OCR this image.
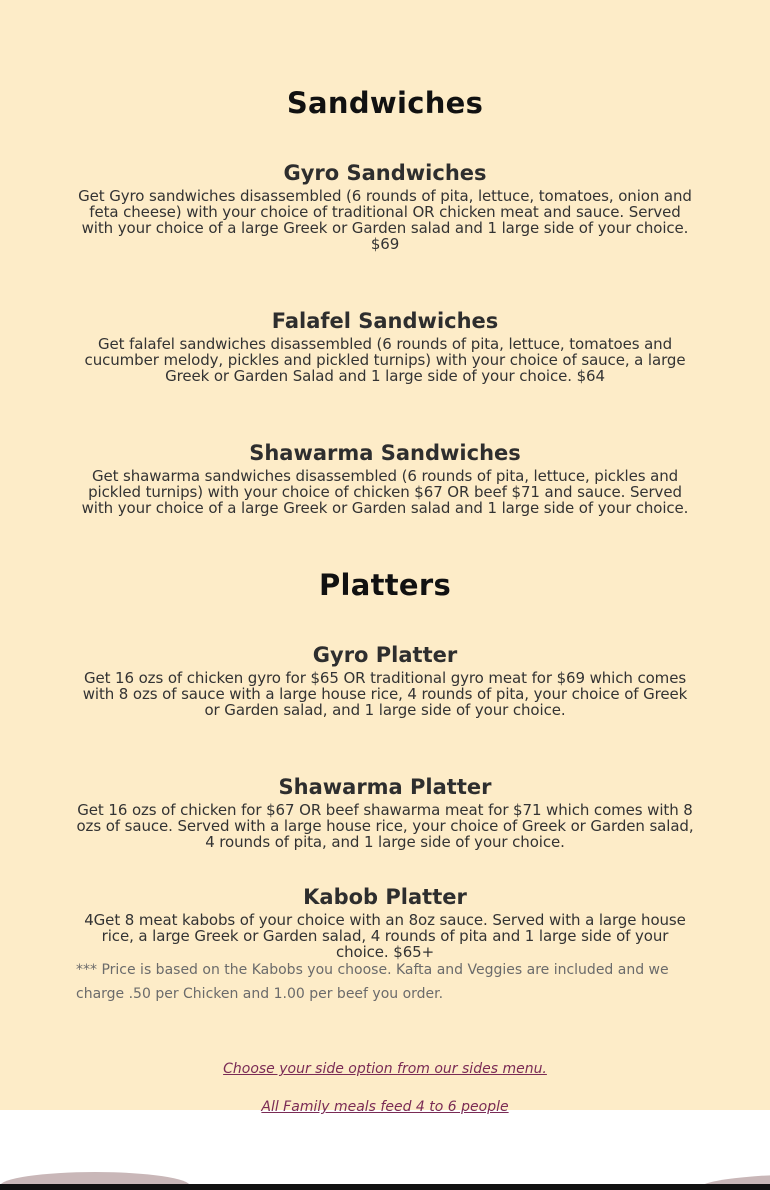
Sandwiches
Gyro Sandwiches

Get Gyro sandwiches disassembled (6 rounds of pita, lettuce, tomatoes, onion and feta cheese) with your choice of traditional OR chicken meat and sauce. Served with your choice of a large Greek or Garden salad and 1 large side of your choice. $69

Falafel Sandwiches

Get falafel sandwiches disassembled (6 rounds of pita, lettuce, tomatoes and cucumber melody, pickles and pickled turnips) with your choice of sauce, a large Greek or Garden Salad and 1 large side of your choice. $64

Shawarma Sandwiches

Get shawarma sandwiches disassembled (6 rounds of pita, lettuce, pickles and pickled turnips) with your choice of chicken $67 OR beef $71 and sauce. Served with your choice of a large Greek or Garden salad and 1 large side of your choice.

Platters
Gyro Platter

Get 16 ozs of chicken gyro for $65 OR traditional gyro meat for $69 which comes with 8 ozs of sauce with a large house rice, 4 rounds of pita, your choice of Greek or Garden salad, and 1 large side of your choice.

Shawarma Platter

Get 16 ozs of chicken for $67 OR beef shawarma meat for $71 which comes with 8 ozs of sauce. Served with a large house rice, your choice of Greek or Garden salad, 4 rounds of pita, and 1 large side of your choice.

Kabob Platter

4Get 8 meat kabobs of your choice with an 8oz sauce. Served with a large house rice, a large Greek or Garden salad, 4 rounds of pita and 1 large side of your choice. $65+

*** Price is based on the Kabobs you choose. Kafta and Veggies are included and we charge .50 per Chicken and 1.00 per beef you order.

Choose your side option from our sides menu.
All Family meals feed 4 to 6 people
